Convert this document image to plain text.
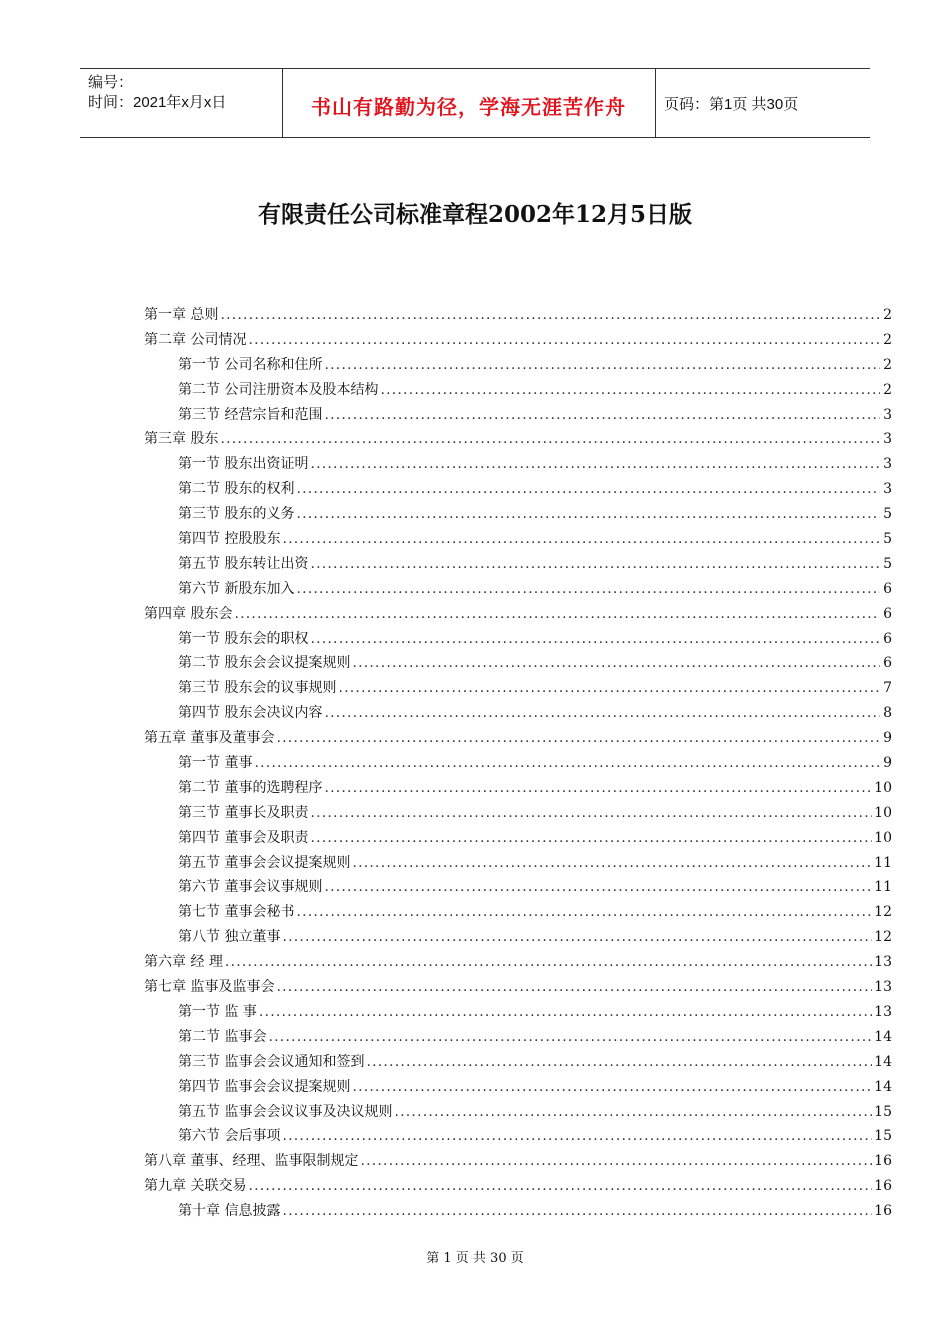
编号：
时间：2021年x月x日	书山有路勤为径，学海无涯苦作舟	页码：第1页 共30页
有限责任公司标准章程2002年12月5日版
第一章 总则 .....	2
第二章 公司情况 .....	2
第一节 公司名称和住所 .....	2
第二节 公司注册资本及股本结构 .....	2
第三节 经营宗旨和范围 .....	3
第三章 股东 .....	3
第一节 股东出资证明 .....	3
第二节 股东的权利 .....	3
第三节 股东的义务 .....	5
第四节 控股股东 .....	5
第五节 股东转让出资 .....	5
第六节 新股东加入 .....	6
第四章 股东会 .....	6
第一节 股东会的职权 .....	6
第二节 股东会会议提案规则 .....	6
第三节 股东会的议事规则 .....	7
第四节 股东会决议内容 .....	8
第五章 董事及董事会 .....	9
第一节 董事 .....	9
第二节 董事的选聘程序 .....	10
第三节 董事长及职责 .....	10
第四节 董事会及职责 .....	10
第五节 董事会会议提案规则 .....	11
第六节 董事会议事规则 .....	11
第七节 董事会秘书 .....	12
第八节 独立董事 .....	12
第六章 经 理 .....	13
第七章 监事及监事会 .....	13
第一节 监 事 .....	13
第二节 监事会 .....	14
第三节 监事会会议通知和签到 .....	14
第四节 监事会会议提案规则 .....	14
第五节 监事会会议议事及决议规则 .....	15
第六节 会后事项 .....	15
第八章 董事、经理、监事限制规定 .....	16
第九章 关联交易 .....	16
第十章 信息披露 .....	16
第 1 页 共 30 页
